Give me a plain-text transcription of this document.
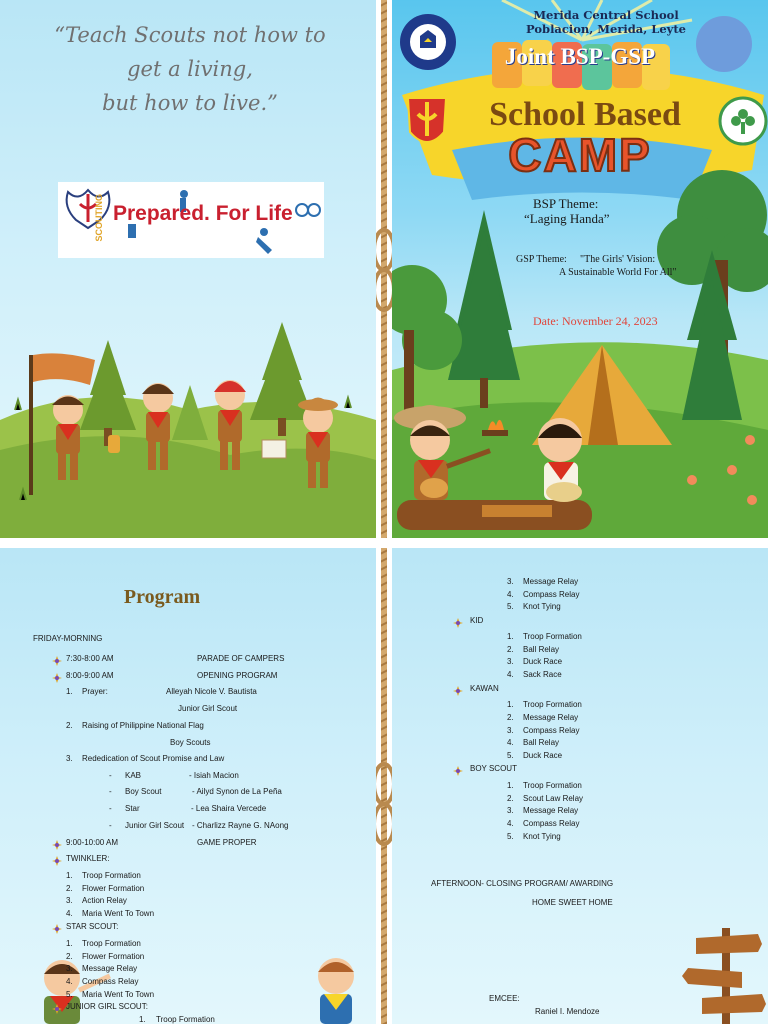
“Teach Scouts not how to get a living,
but how to live.”
SCOUTING Prepared. For Life
Merida Central School
Poblacion, Merida, Leyte
Joint BSP-GSP
School Based
CAMP
BSP Theme:
“Laging Handa”
GSP Theme: "The Girls' Vision:
A Sustainable World For All"
Date: November 24, 2023
Program
FRIDAY-MORNING
7:30-8:00 AM	PARADE OF CAMPERS
8:00-9:00 AM	OPENING PROGRAM
1. Prayer:	Alleyah Nicole V. Bautista
Junior Girl Scout
2. Raising of Philippine National Flag
Boy Scouts
3. Rededication of Scout Promise and Law
- KAB	- Isiah Macion
- Boy Scout	- Ailyd Synon de La Peña
- Star	- Lea Shaira Vercede
- Junior Girl Scout - Charlizz Rayne G. NAong
9:00-10:00 AM	GAME PROPER
TWINKLER:
1. Troop Formation
2. Flower Formation
3. Action Relay
4. Maria Went To Town
STAR SCOUT:
1. Troop Formation
2. Flower Formation
3. Message Relay
4. Compass Relay
5. Maria Went To Town
JUNIOR GIRL SCOUT:
1. Troop Formation
3. Message Relay
4. Compass Relay
5. Knot Tying
KID
1. Troop Formation
2. Ball Relay
3. Duck Race
4. Sack Race
KAWAN
1. Troop Formation
2. Message Relay
3. Compass Relay
4. Ball Relay
5. Duck Race
BOY SCOUT
1. Troop Formation
2. Scout Law Relay
3. Message Relay
4. Compass Relay
5. Knot Tying
AFTERNOON- CLOSING PROGRAM/ AWARDING
HOME SWEET HOME
EMCEE:
Raniel I. Mendoze
